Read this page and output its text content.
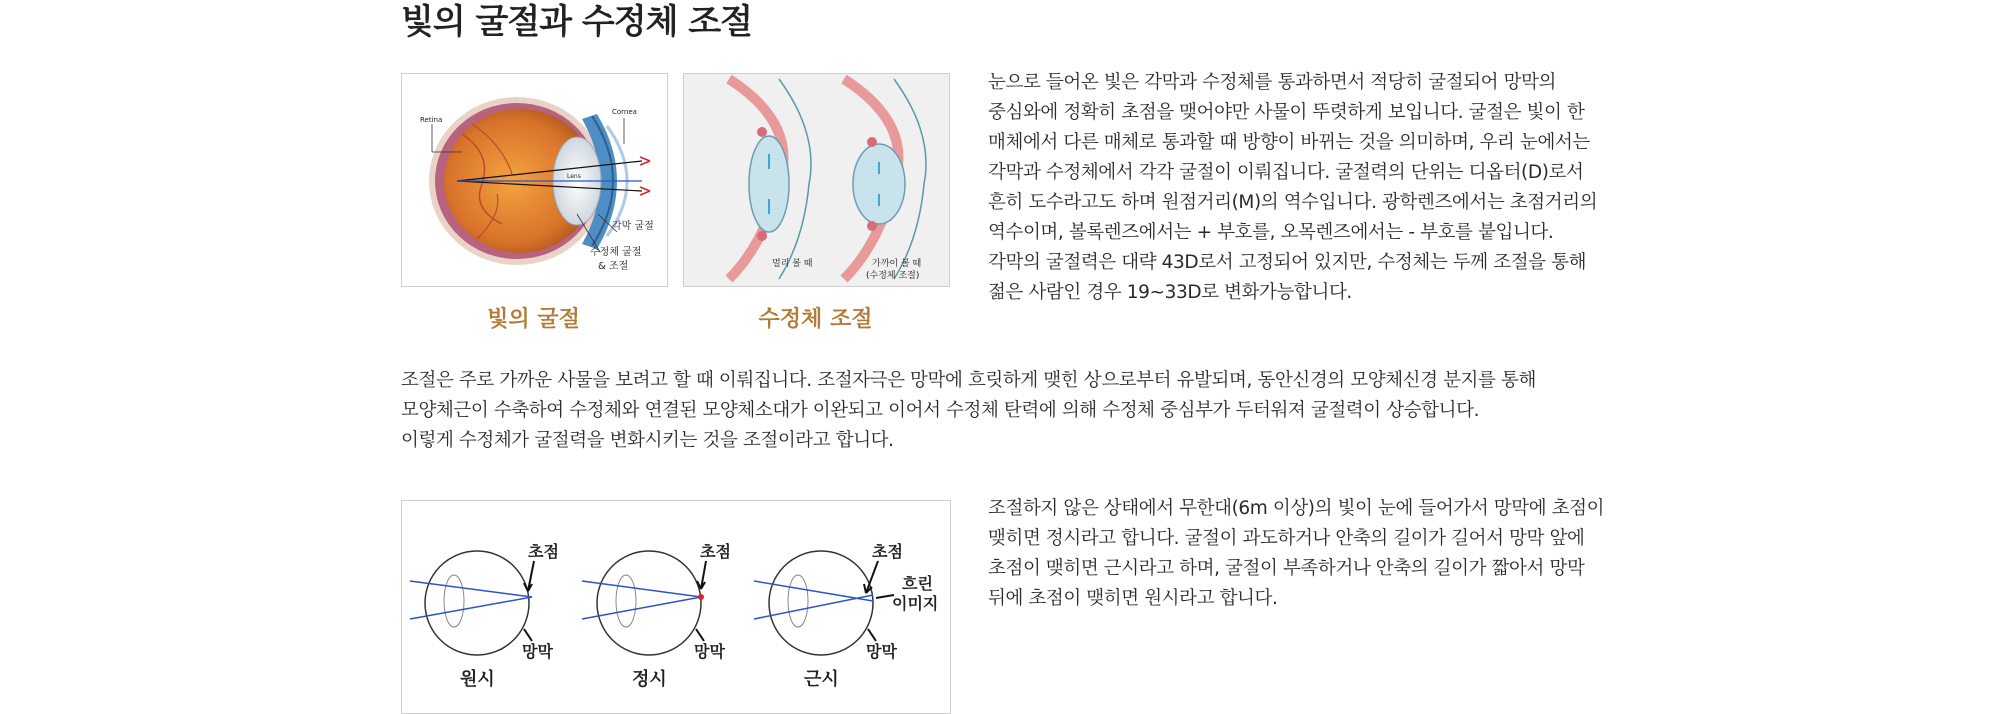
빛의 굴절과 수정체 조절
Retina
Cornea
Lens
각막 굴절
수정체 굴절
& 조절
빛의 굴절
멀리 볼 때	가까이 볼 때
(수정체 조절)
수정체 조절
눈으로 들어온 빛은 각막과 수정체를 통과하면서 적당히 굴절되어 망막의
중심와에 정확히 초점을 맺어야만 사물이 뚜렷하게 보입니다. 굴절은 빛이 한
매체에서 다른 매체로 통과할 때 방향이 바뀌는 것을 의미하며, 우리 눈에서는
각막과 수정체에서 각각 굴절이 이뤄집니다. 굴절력의 단위는 디옵터(D)로서
흔히 도수라고도 하며 원점거리(M)의 역수입니다. 광학렌즈에서는 초점거리의
역수이며, 볼록렌즈에서는 + 부호를, 오목렌즈에서는 - 부호를 붙입니다.
각막의 굴절력은 대략 43D로서 고정되어 있지만, 수정체는 두께 조절을 통해
젊은 사람인 경우 19~33D로 변화가능합니다.
조절은 주로 가까운 사물을 보려고 할 때 이뤄집니다. 조절자극은 망막에 흐릿하게 맺힌 상으로부터 유발되며, 동안신경의 모양체신경 분지를 통해
모양체근이 수축하여 수정체와 연결된 모양체소대가 이완되고 이어서 수정체 탄력에 의해 수정체 중심부가 두터워져 굴절력이 상승합니다.
이렇게 수정체가 굴절력을 변화시키는 것을 조절이라고 합니다.
초점
망막
원시
초점
망막
정시
초점
흐린
이미지
망막
근시
조절하지 않은 상태에서 무한대(6m 이상)의 빛이 눈에 들어가서 망막에 초점이
맺히면 정시라고 합니다. 굴절이 과도하거나 안축의 길이가 길어서 망막 앞에
초점이 맺히면 근시라고 하며, 굴절이 부족하거나 안축의 길이가 짧아서 망막
뒤에 초점이 맺히면 원시라고 합니다.
